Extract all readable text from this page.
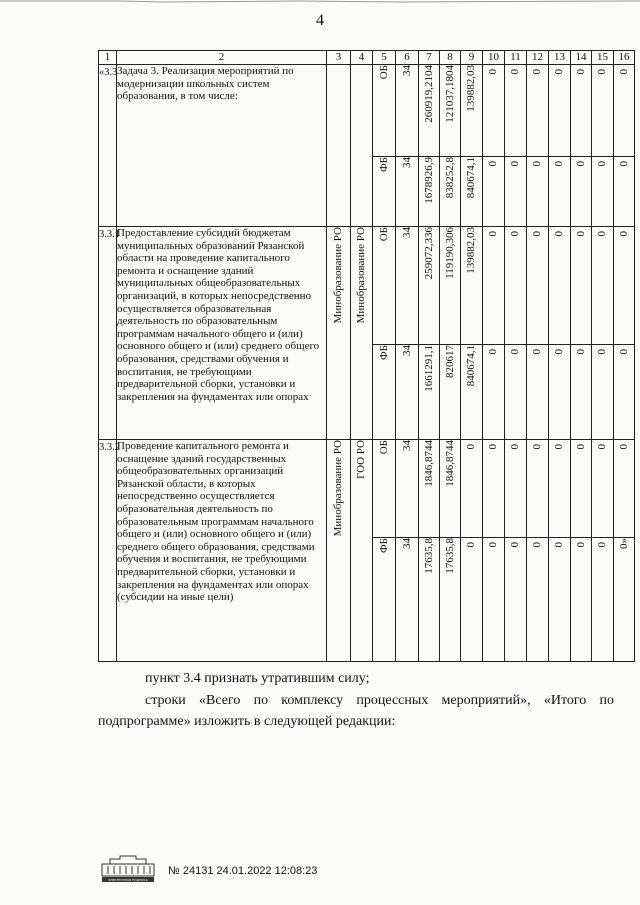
4
1	2	3	4	5	6	7	8	9	10	11	12	13	14	15	16
«3.3	Задача 3. Реализация мероприятий по модернизации школьных систем образования, в том числе:			ОБ	34	260919,2104	121037,1804	139882,03	0	0	0	0	0	0	0

				ФБ	34	1678926,9	838252,8	840674,1	0	0	0	0	0	0	0

3.3.1	Предоставление субсидий бюджетам муниципальных образований Рязанской области на проведение капитального ремонта и оснащение зданий муниципальных общеобразовательных организаций, в которых непосредственно осуществляется образовательная деятельность по образовательным программам начального общего и (или) основного общего и (или) среднего общего образования, средствами обучения и воспитания, не требующими предварительной сборки, установки и закрепления на фундаментах или опорах	Минобразование РО	Минобразование РО	ОБ	34	259072,336	119190,306	139882,03	0	0	0	0	0	0	0

				ФБ	34	1661291,1	820617	840674,1	0	0	0	0	0	0	0

3.3.2	Проведение капитального ремонта и оснащение зданий государственных общеобразовательных организаций Рязанской области, в которых непосредственно осуществляется образовательная деятельность по образовательным программам начального общего и (или) основного общего и (или) среднего общего образования, средствами обучения и воспитания, не требующими предварительной сборки, установки и закрепления на фундаментах или опорах (субсидии на иные цели)	Минобразование РО	ГОО РО	ОБ	34	1846,8744	1846,8744	0	0	0	0	0	0	0	0

				ФБ	34	17635,8	17635,8	0	0	0	0	0	0	0	0»
пункт 3.4 признать утратившим силу;
строки «Всего по комплексу процессных мероприятий», «Итого по
подпрограмме» изложить в следующей редакции:
ЭЛЕКТРОННАЯ ПОДПИСЬ
№ 24131 24.01.2022 12:08:23
